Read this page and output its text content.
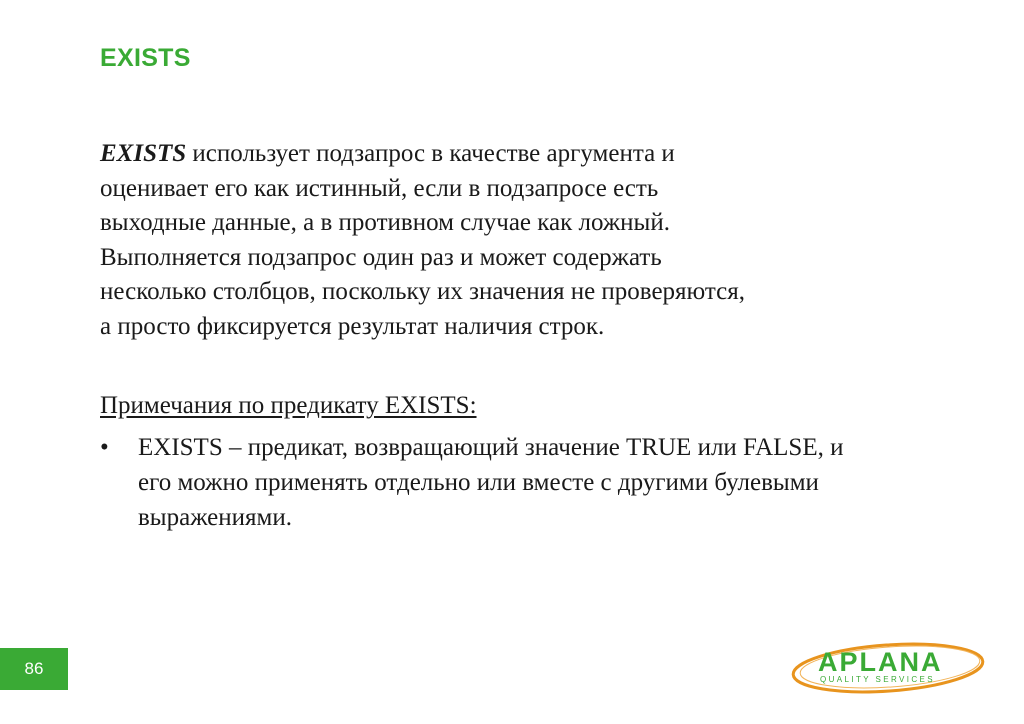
EXISTS
EXISTS использует подзапрос в качестве аргумента и
оценивает его как истинный, если в подзапросе есть
выходные данные, а в противном случае как ложный.
Выполняется подзапрос один раз и может содержать
несколько столбцов, поскольку их значения не проверяются,
а просто фиксируется результат наличия строк.
Примечания по предикату EXISTS:
• EXISTS – предикат, возвращающий значение TRUE или FALSE, и
его можно применять отдельно или вместе с другими булевыми
выражениями.
86	APLANA
QUALITY SERVICES
